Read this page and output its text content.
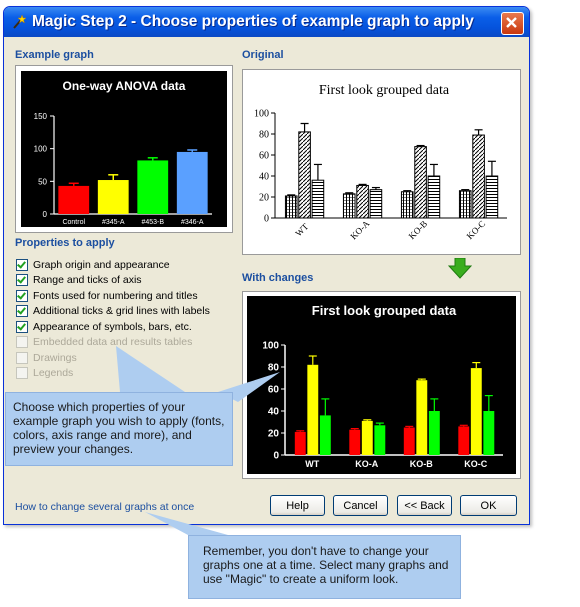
Magic Step 2 - Choose properties of example graph to apply
Example graph
One-way ANOVA data
150
100
50
0
Control #345-A #453-B #346-A
Original
First look grouped data
100
80
60
40
20
0
WT	KO-A	KO-B	KO-C
Properties to apply
Graph origin and appearance
Range and ticks of axis
Fonts used for numbering and titles
Additional ticks & grid lines with labels
Appearance of symbols, bars, etc.
Embedded data and results tables
Drawings
Legends
With changes
First look grouped data
100
80
60
40
20
0
WT	KO-A	KO-B	KO-C
How to change several graphs at once	Help	Cancel	<< Back	OK
Choose which properties of your example graph you wish to apply (fonts, colors, axis range and more), and preview your changes.
Remember, you don't have to change your graphs one at a time. Select many graphs and use "Magic" to create a uniform look.
